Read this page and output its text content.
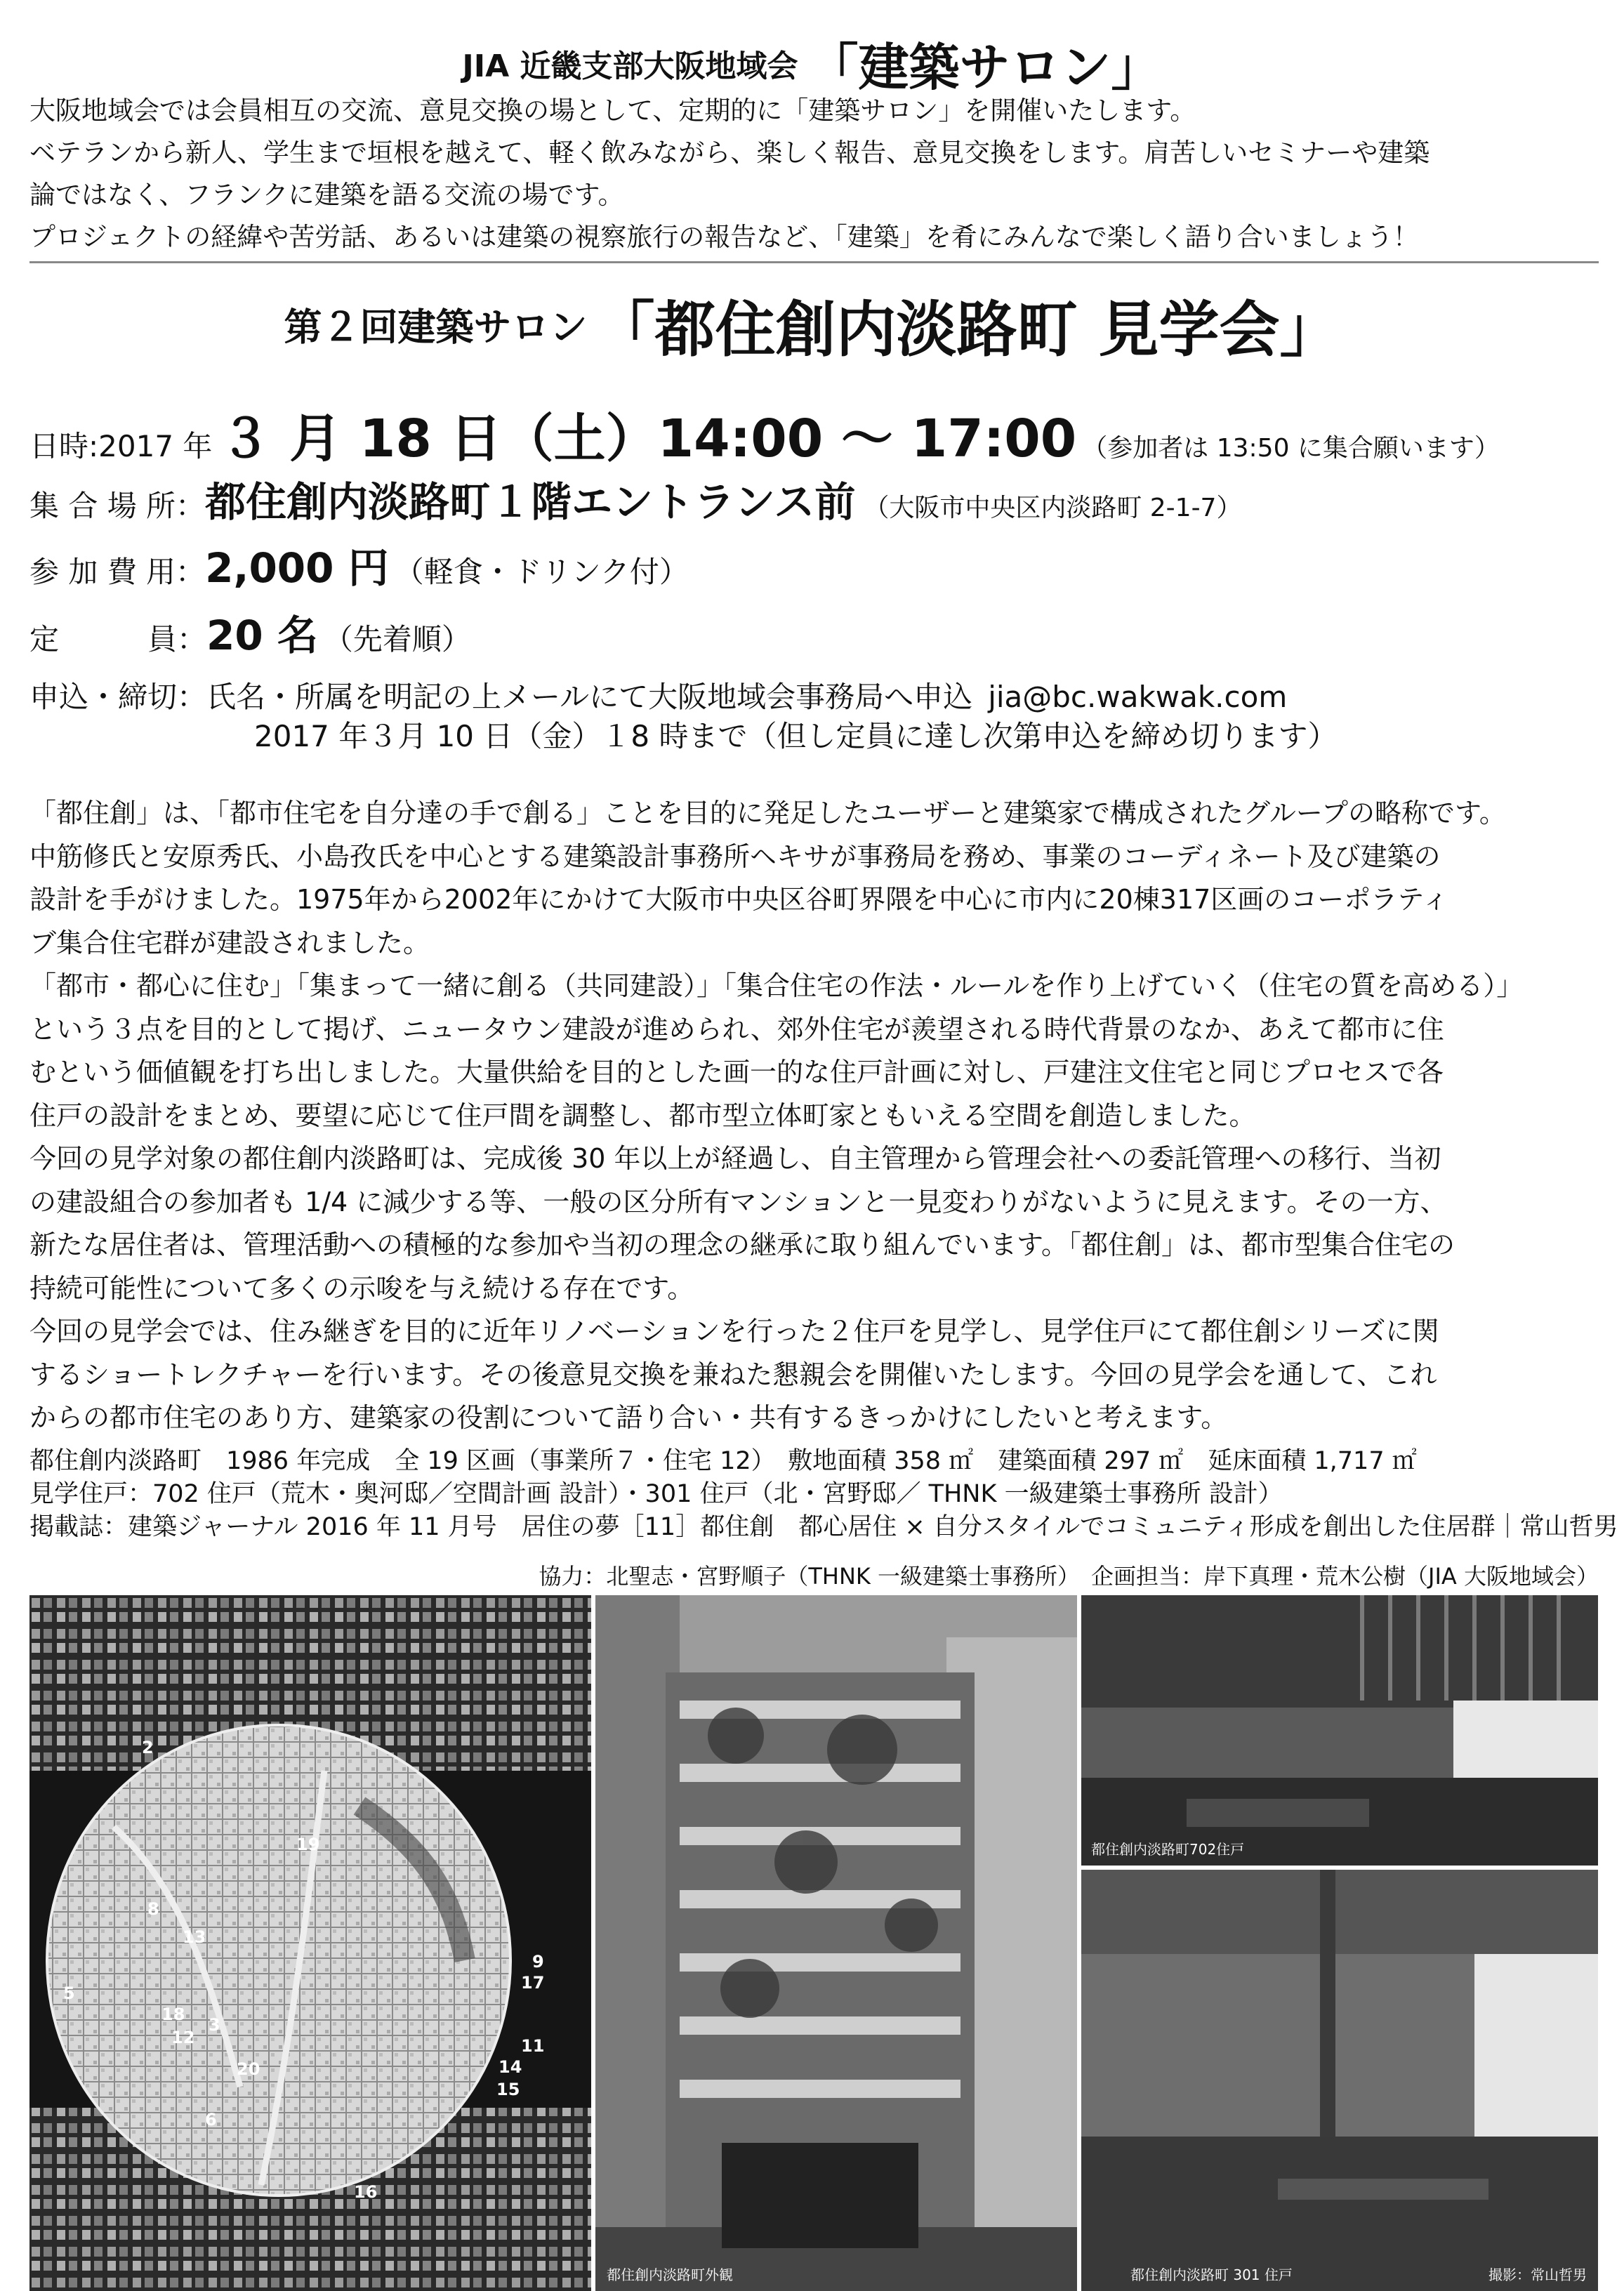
JIA 近畿支部大阪地域会 「建築サロン」

大阪地域会では会員相互の交流、意見交換の場として、定期的に「建築サロン」を開催いたします。

ベテランから新人、学生まで垣根を越えて、軽く飲みながら、楽しく報告、意見交換をします。肩苦しいセミナーや建築

論ではなく、フランクに建築を語る交流の場です。

プロジェクトの経緯や苦労話、あるいは建築の視察旅行の報告など、「建築」を肴にみんなで楽しく語り合いましょう！

第２回建築サロン 「都住創内淡路町 見学会」
日時:2017 年 ３ 月 18 日（土）14:00 ～ 17:00 （参加者は 13:50 に集合願います）
集 合 場 所：都住創内淡路町１階エントランス前 （大阪市中央区内淡路町 2-1-7）
参 加 費 用：2,000 円 （軽食・ドリンク付）
定　　　員：20 名 （先着順）
申込・締切：氏名・所属を明記の上メールにて大阪地域会事務局へ申込 jia@bc.wakwak.com
2017 年３月 10 日（金）１8 時まで（但し定員に達し次第申込を締め切ります）

「都住創」は、「都市住宅を自分達の手で創る」ことを目的に発足したユーザーと建築家で構成されたグループの略称です。

中筋修氏と安原秀氏、小島孜氏を中心とする建築設計事務所ヘキサが事務局を務め、事業のコーディネート及び建築の

設計を手がけました。1975年から2002年にかけて大阪市中央区谷町界隈を中心に市内に20棟317区画のコーポラティ

ブ集合住宅群が建設されました。

「都市・都心に住む」「集まって一緒に創る（共同建設）」「集合住宅の作法・ルールを作り上げていく（住宅の質を高める）」

という３点を目的として掲げ、ニュータウン建設が進められ、郊外住宅が羨望される時代背景のなか、あえて都市に住

むという価値観を打ち出しました。大量供給を目的とした画一的な住戸計画に対し、戸建注文住宅と同じプロセスで各

住戸の設計をまとめ、要望に応じて住戸間を調整し、都市型立体町家ともいえる空間を創造しました。

今回の見学対象の都住創内淡路町は、完成後 30 年以上が経過し、自主管理から管理会社への委託管理への移行、当初

の建設組合の参加者も 1/4 に減少する等、一般の区分所有マンションと一見変わりがないように見えます。その一方、

新たな居住者は、管理活動への積極的な参加や当初の理念の継承に取り組んでいます。「都住創」は、都市型集合住宅の

持続可能性について多くの示唆を与え続ける存在です。

今回の見学会では、住み継ぎを目的に近年リノベーションを行った２住戸を見学し、見学住戸にて都住創シリーズに関

するショートレクチャーを行います。その後意見交換を兼ねた懇親会を開催いたします。今回の見学会を通して、これ

からの都市住宅のあり方、建築家の役割について語り合い・共有するきっかけにしたいと考えます。

都住創内淡路町　1986 年完成　全 19 区画（事業所７・住宅 12）　敷地面積 358 ㎡　建築面積 297 ㎡　延床面積 1,717 ㎡

見学住戸：702 住戸（荒木・奥河邸／空間計画 設計）・301 住戸（北・宮野邸／ THNK 一級建築士事務所 設計）

掲載誌：建築ジャーナル 2016 年 11 月号　居住の夢［11］都住創　都心居住 × 自分スタイルでコミュニティ形成を創出した住居群｜常山哲男

協力：北聖志・宮野順子（THNK 一級建築士事務所）　企画担当：岸下真理・荒木公樹（JIA 大阪地域会）
2
19
8
13
5
18
12
3
20
6
9
17
11
14
15
16
都住創内淡路町外観
都住創内淡路町702住戸
都住創内淡路町 301 住戸	撮影：常山哲男
